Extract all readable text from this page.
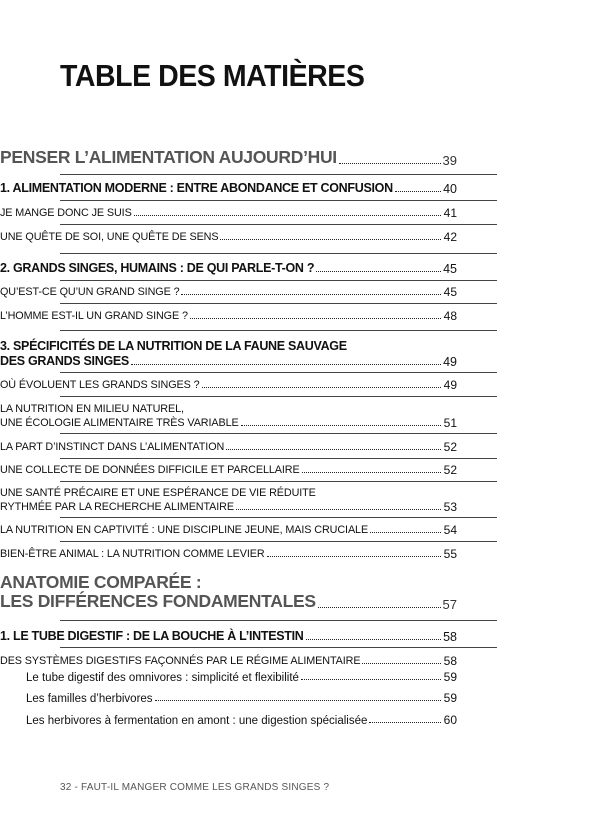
TABLE DES MATIÈRES
PENSER L’ALIMENTATION AUJOURD’HUI	39
1. ALIMENTATION MODERNE : ENTRE ABONDANCE ET CONFUSION	40
JE MANGE DONC JE SUIS	41
UNE QUÊTE DE SOI, UNE QUÊTE DE SENS	42
2. GRANDS SINGES, HUMAINS : DE QUI PARLE-T-ON ?	45
QU’EST-CE QU’UN GRAND SINGE ?	45
L’HOMME EST-IL UN GRAND SINGE ?	48
3. SPÉCIFICITÉS DE LA NUTRITION DE LA FAUNE SAUVAGE
DES GRANDS SINGES	49
OÙ ÉVOLUENT LES GRANDS SINGES ?	49
LA NUTRITION EN MILIEU NATUREL,
UNE ÉCOLOGIE ALIMENTAIRE TRÈS VARIABLE	51
LA PART D’INSTINCT DANS L’ALIMENTATION	52
UNE COLLECTE DE DONNÉES DIFFICILE ET PARCELLAIRE	52
UNE SANTÉ PRÉCAIRE ET UNE ESPÉRANCE DE VIE RÉDUITE
RYTHMÉE PAR LA RECHERCHE ALIMENTAIRE	53
LA NUTRITION EN CAPTIVITÉ : UNE DISCIPLINE JEUNE, MAIS CRUCIALE	54
BIEN-ÊTRE ANIMAL : LA NUTRITION COMME LEVIER	55
ANATOMIE COMPARÉE :
LES DIFFÉRENCES FONDAMENTALES	57
1. LE TUBE DIGESTIF : DE LA BOUCHE À L’INTESTIN	58
DES SYSTÈMES DIGESTIFS FAÇONNÉS PAR LE RÉGIME ALIMENTAIRE	58
Le tube digestif des omnivores : simplicité et flexibilité	59
Les familles d’herbivores	59
Les herbivores à fermentation en amont : une digestion spécialisée	60
32 - FAUT-IL MANGER COMME LES GRANDS SINGES ?
